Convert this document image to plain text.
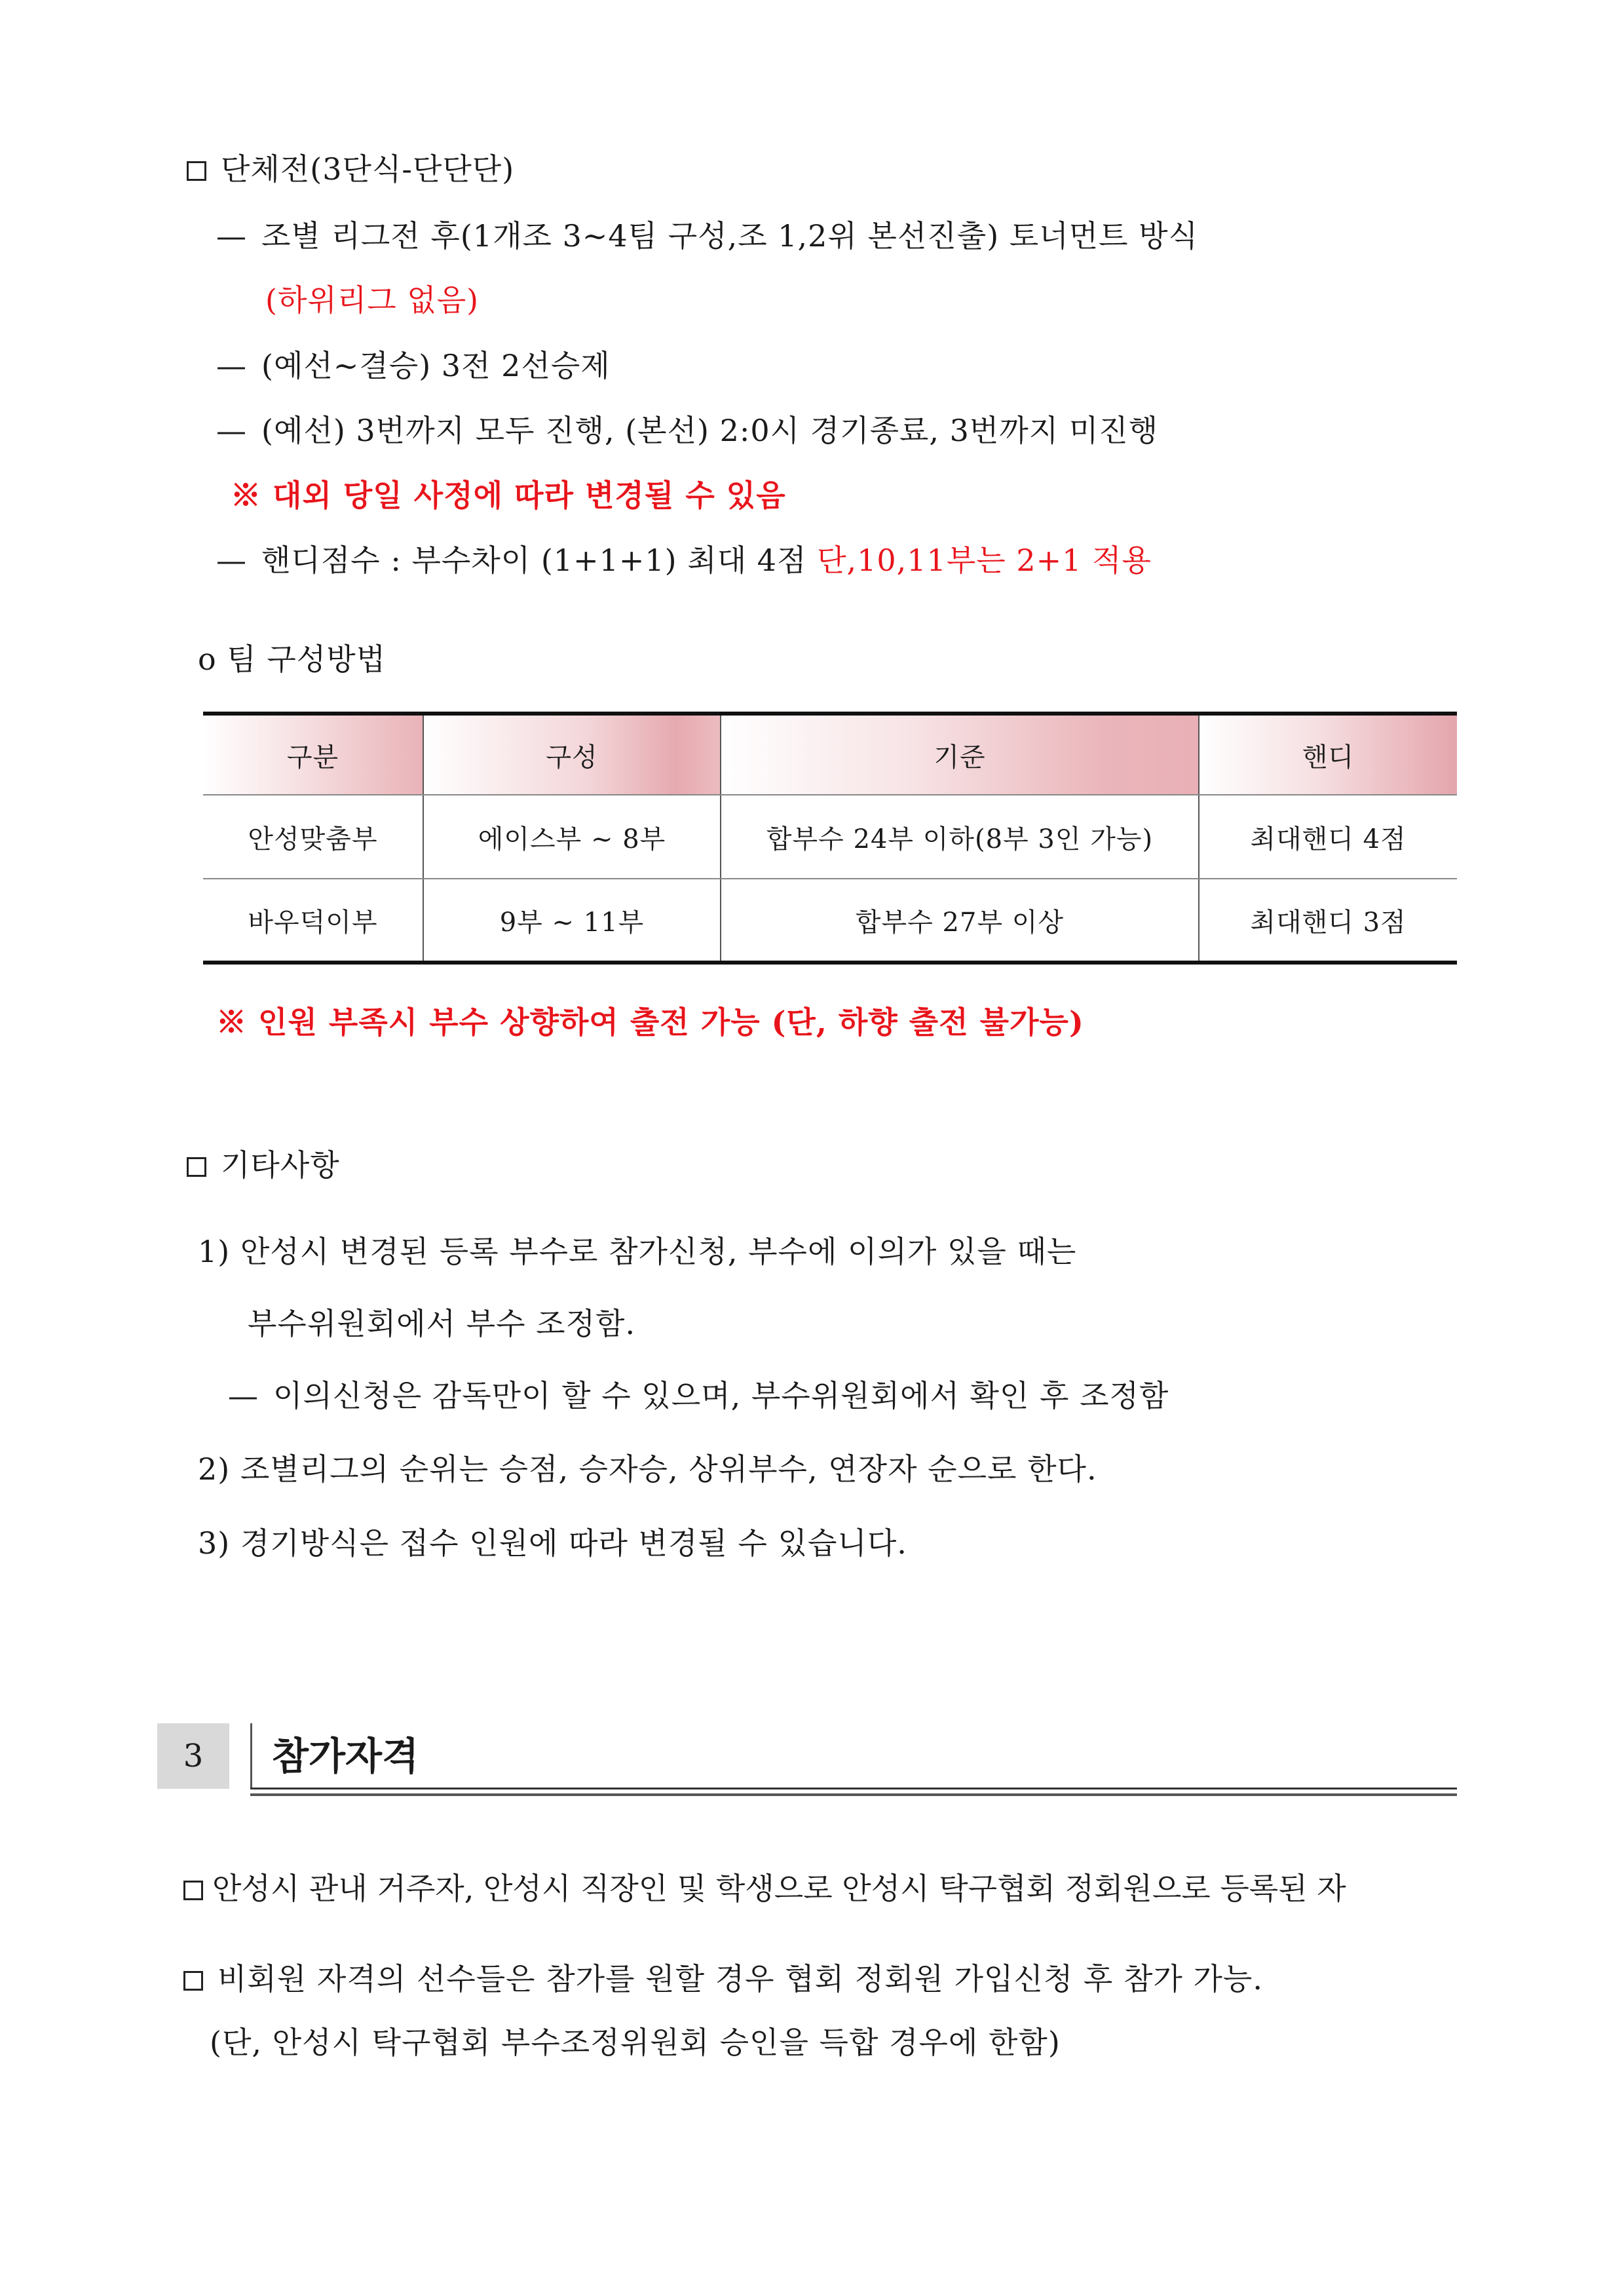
단체전(3단식-단단단)
— 조별 리그전 후(1개조 3~4팀 구성,조 1,2위 본선진출) 토너먼트 방식
(하위리그 없음)
— (예선~결승) 3전 2선승제
— (예선) 3번까지 모두 진행, (본선) 2:0시 경기종료, 3번까지 미진행
※ 대외 당일 사정에 따라 변경될 수 있음
— 핸디점수 : 부수차이 (1+1+1) 최대 4점 단,10,11부는 2+1 적용
o 팀 구성방법
구분	구성	기준	핸디
안성맞춤부	에이스부 ~ 8부	합부수 24부 이하(8부 3인 가능)	최대핸디 4점
바우덕이부	9부 ~ 11부	합부수 27부 이상	최대핸디 3점
※ 인원 부족시 부수 상향하여 출전 가능 (단, 하향 출전 불가능)
기타사항
1) 안성시 변경된 등록 부수로 참가신청, 부수에 이의가 있을 때는
부수위원회에서 부수 조정함.
— 이의신청은 감독만이 할 수 있으며, 부수위원회에서 확인 후 조정함
2) 조별리그의 순위는 승점, 승자승, 상위부수, 연장자 순으로 한다.
3) 경기방식은 접수 인원에 따라 변경될 수 있습니다.
3	참가자격
안성시 관내 거주자, 안성시 직장인 및 학생으로 안성시 탁구협회 정회원으로 등록된 자
비회원 자격의 선수들은 참가를 원할 경우 협회 정회원 가입신청 후 참가 가능.
(단, 안성시 탁구협회 부수조정위원회 승인을 득합 경우에 한함)
